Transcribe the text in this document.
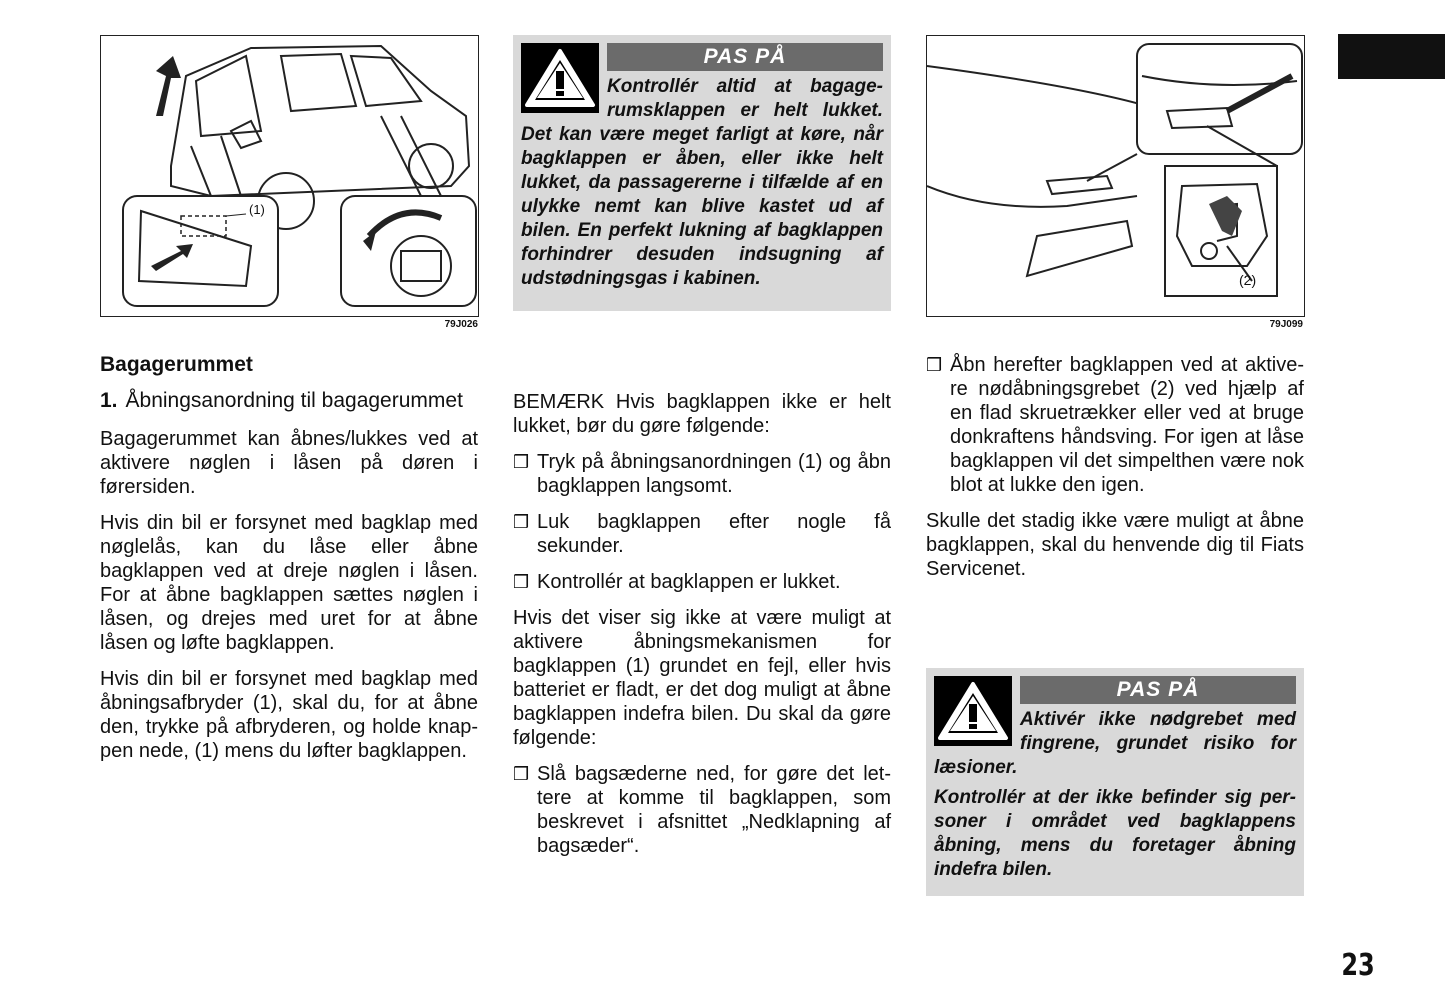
(1)
79J026
PAS PÅ

Kontrollér altid at bagagerumsklappen er helt lukket. Det kan være meget farligt at køre, når bagklappen er åben, eller ikke helt lukket, da passagererne i tilfælde af en ulykke nemt kan blive kastet ud af bilen. En perfekt lukning af bagklappen forhindrer desuden indsugning af udstødningsgas i kabinen.	(2)
79J099
Bagagerummet
1. Åbningsanordning til bagagerummet

Bagagerummet kan åbnes/lukkes ved at aktivere nøglen i låsen på døren i førersiden.

Hvis din bil er forsynet med bagklap med nøglelås, kan du låse eller åbne bagklappen ved at dreje nøglen i låsen. For at åbne bagklappen sættes nøglen i låsen, og drejes med uret for at åbne låsen og løfte bagklappen.

Hvis din bil er forsynet med bagklap med åbningsafbryder (1), skal du, for at åbne den, trykke på afbryderen, og holde knappen nede, (1) mens du løfter bagklappen.

BEMÆRK Hvis bagklappen ikke er helt lukket, bør du gøre følgende:

❒ Tryk på åbningsanordningen (1) og åbn bagklappen langsomt.
❒ Luk bagklappen efter nogle få sekunder.
❒ Kontrollér at bagklappen er lukket.

Hvis det viser sig ikke at være muligt at aktivere åbningsmekanismen for bagklappen (1) grundet en fejl, eller hvis batteriet er fladt, er det dog muligt at åbne bagklappen indefra bilen. Du skal da gøre følgende:

❒ Slå bagsæderne ned, for gøre det lettere at komme til bagklappen, som beskrevet i afsnittet „Nedklapning af bagsæder“.
❒ Åbn herefter bagklappen ved at aktivere nødåbningsgrebet (2) ved hjælp af en flad skruetrækker eller ved at bruge donkraftens håndsving. For igen at låse bagklappen vil det simpelthen være nok blot at lukke den igen.

Skulle det stadig ikke være muligt at åbne bagklappen, skal du henvende dig til Fiats Servicenet.

PAS PÅ

Aktivér ikke nødgrebet med fingrene, grundet risiko for læsioner.

Kontrollér at der ikke befinder sig personer i området ved bagklappens åbning, mens du foretager åbning indefra bilen.

23
